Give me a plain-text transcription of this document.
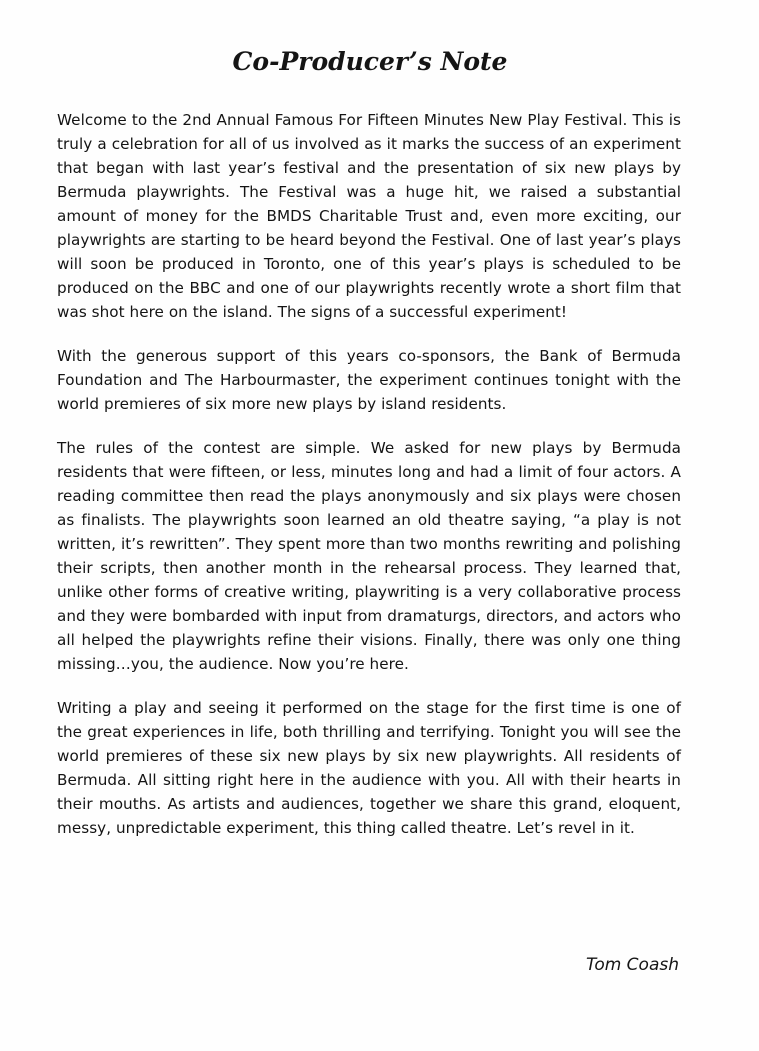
Co-Producer’s Note

Welcome to the 2nd Annual Famous For Fifteen Minutes New Play Festival. This is truly a celebration for all of us involved as it marks the success of an experiment that began with last year’s festival and the presentation of six new plays by Bermuda playwrights. The Festival was a huge hit, we raised a substantial amount of money for the BMDS Charitable Trust and, even more exciting, our playwrights are starting to be heard beyond the Festival. One of last year’s plays will soon be produced in Toronto, one of this year’s plays is scheduled to be produced on the BBC and one of our playwrights recently wrote a short film that was shot here on the island. The signs of a successful experiment!

With the generous support of this years co-sponsors, the Bank of Bermuda Foundation and The Harbourmaster, the experiment continues tonight with the world premieres of six more new plays by island residents.

The rules of the contest are simple. We asked for new plays by Bermuda residents that were fifteen, or less, minutes long and had a limit of four actors. A reading committee then read the plays anonymously and six plays were chosen as finalists. The playwrights soon learned an old theatre saying, “a play is not written, it’s rewritten”. They spent more than two months rewriting and polishing their scripts, then another month in the rehearsal process. They learned that, unlike other forms of creative writing, playwriting is a very collaborative process and they were bombarded with input from dramaturgs, directors, and actors who all helped the playwrights refine their visions. Finally, there was only one thing missing…you, the audience. Now you’re here.

Writing a play and seeing it performed on the stage for the first time is one of the great experiences in life, both thrilling and terrifying. Tonight you will see the world premieres of these six new plays by six new playwrights. All residents of Bermuda. All sitting right here in the audience with you. All with their hearts in their mouths. As artists and audiences, together we share this grand, eloquent, messy, unpredictable experiment, this thing called theatre. Let’s revel in it.

Tom Coash
